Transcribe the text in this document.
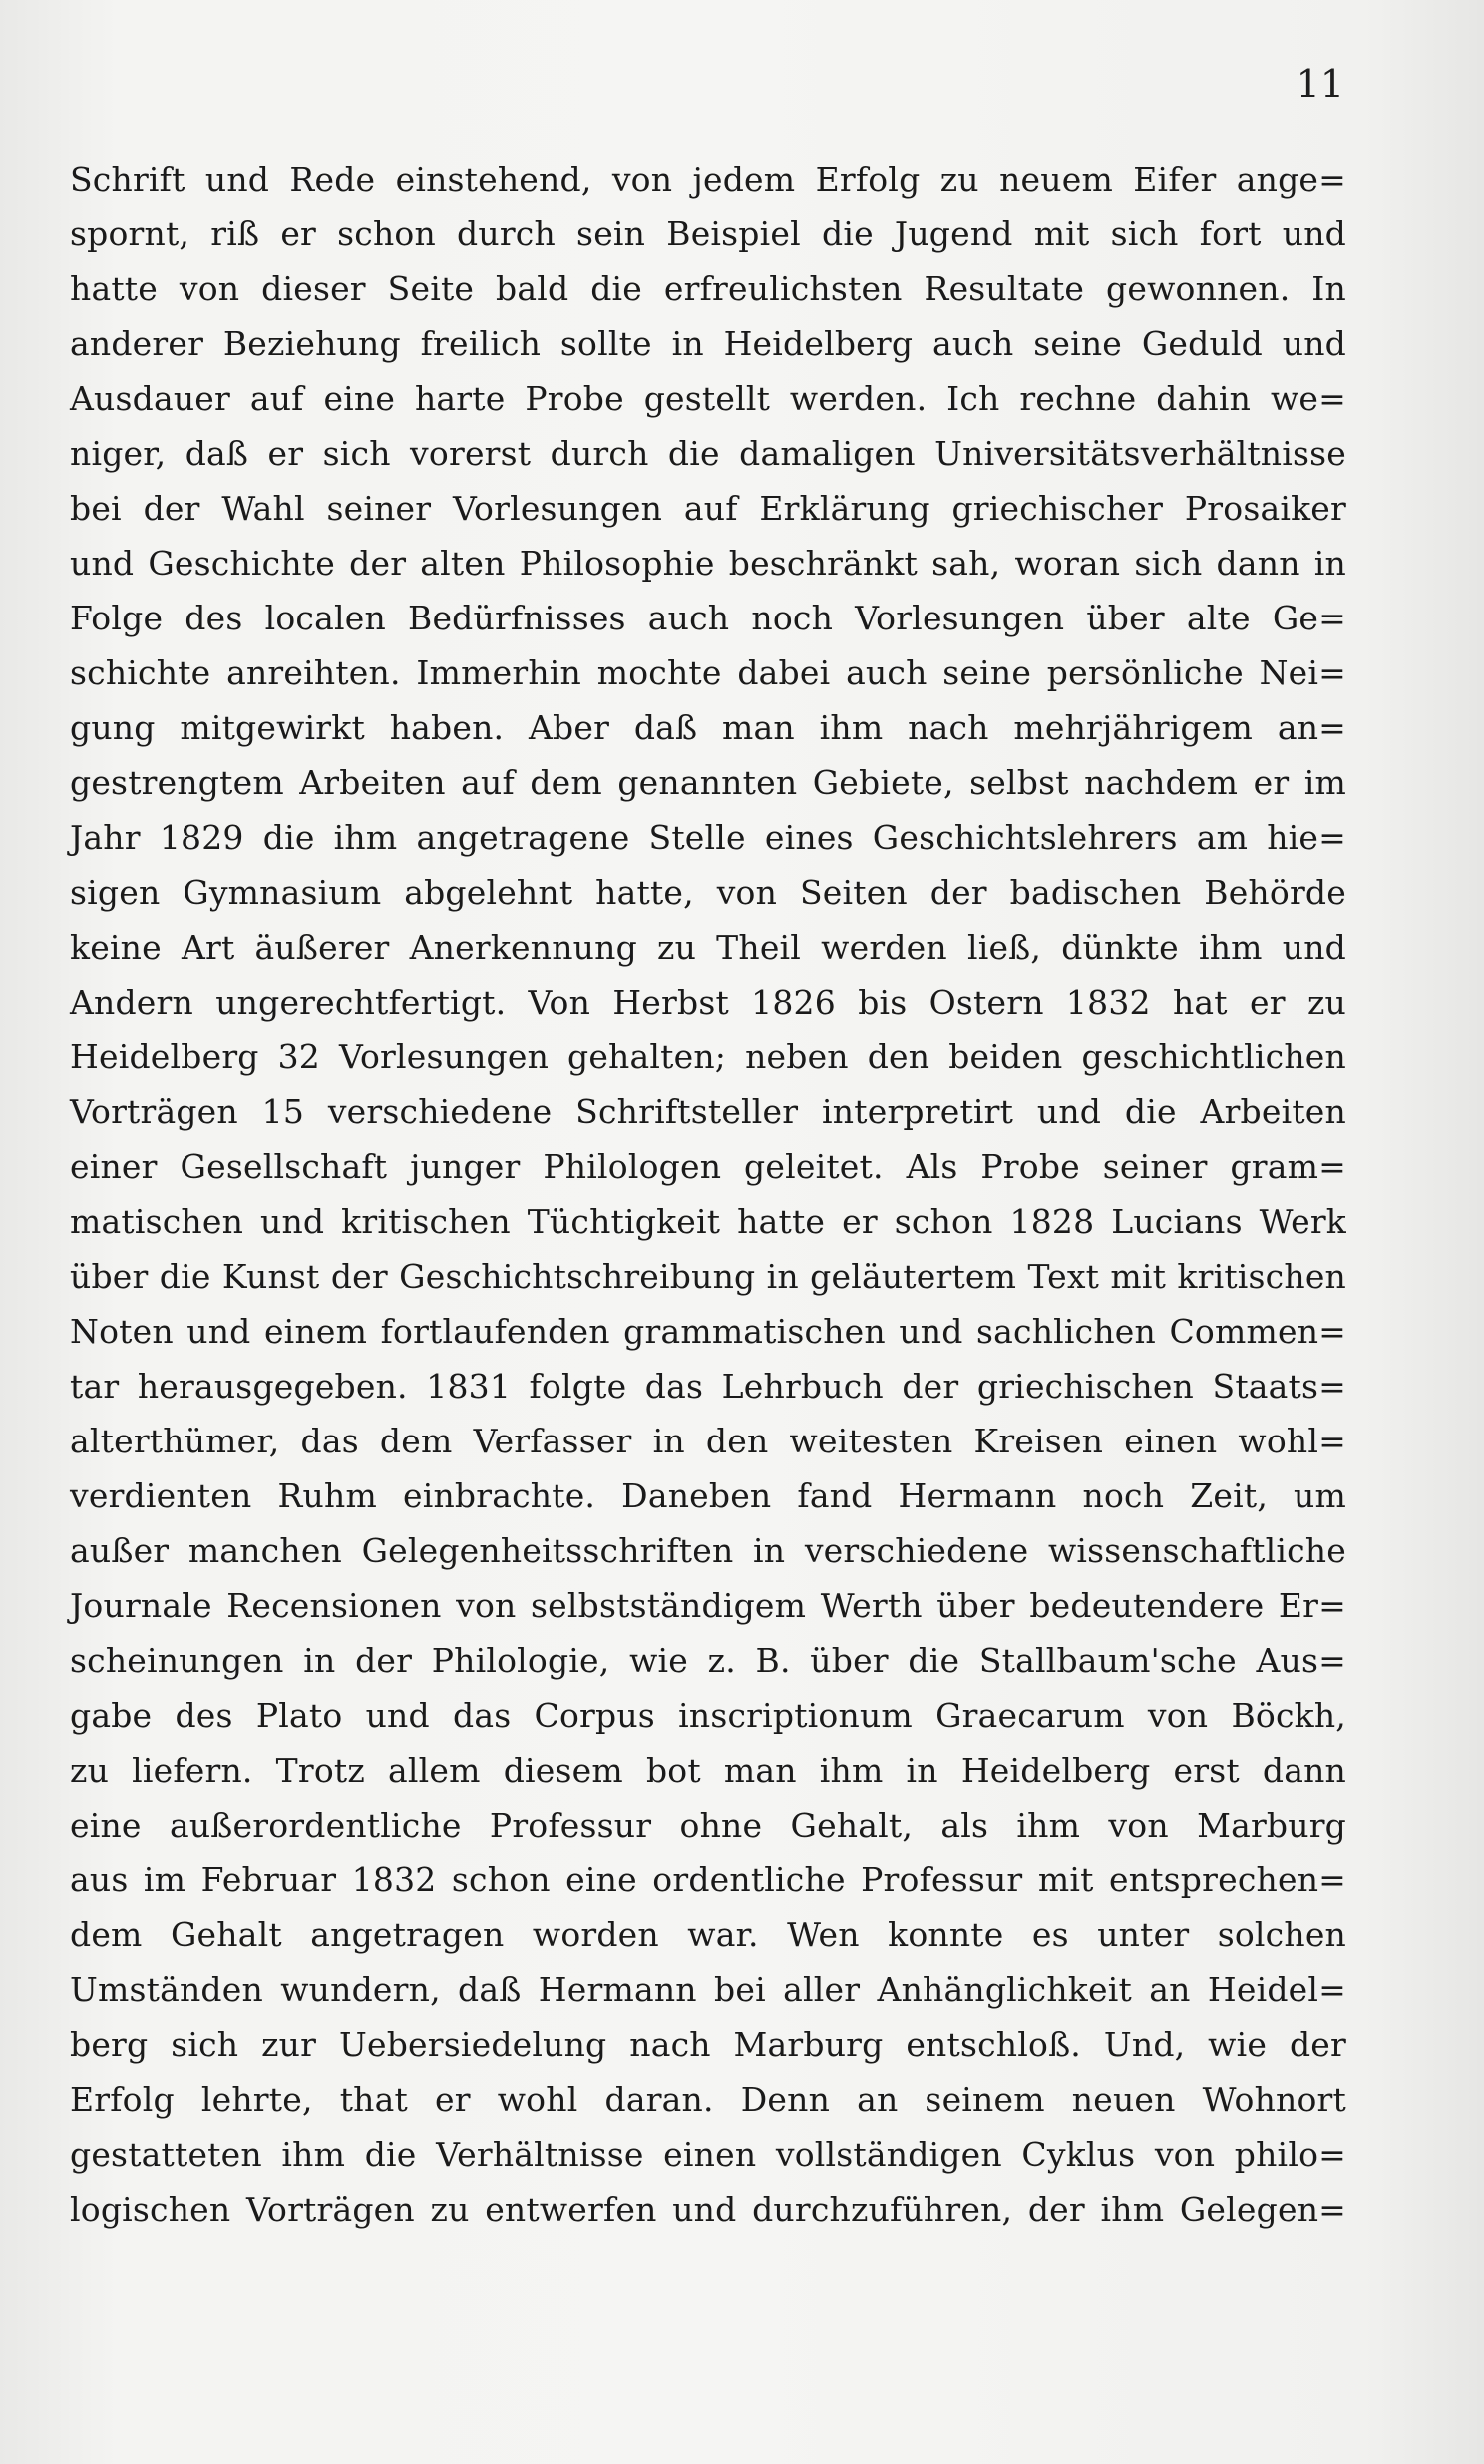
11

Schrift und Rede einstehend, von jedem Erfolg zu neuem Eifer ange=
spornt, riß er schon durch sein Beispiel die Jugend mit sich fort und
hatte von dieser Seite bald die erfreulichsten Resultate gewonnen. In
anderer Beziehung freilich sollte in Heidelberg auch seine Geduld und
Ausdauer auf eine harte Probe gestellt werden. Ich rechne dahin we=
niger, daß er sich vorerst durch die damaligen Universitätsverhältnisse
bei der Wahl seiner Vorlesungen auf Erklärung griechischer Prosaiker
und Geschichte der alten Philosophie beschränkt sah, woran sich dann in
Folge des localen Bedürfnisses auch noch Vorlesungen über alte Ge=
schichte anreihten. Immerhin mochte dabei auch seine persönliche Nei=
gung mitgewirkt haben. Aber daß man ihm nach mehrjährigem an=
gestrengtem Arbeiten auf dem genannten Gebiete, selbst nachdem er im
Jahr 1829 die ihm angetragene Stelle eines Geschichtslehrers am hie=
sigen Gymnasium abgelehnt hatte, von Seiten der badischen Behörde
keine Art äußerer Anerkennung zu Theil werden ließ, dünkte ihm und
Andern ungerechtfertigt. Von Herbst 1826 bis Ostern 1832 hat er zu
Heidelberg 32 Vorlesungen gehalten; neben den beiden geschichtlichen
Vorträgen 15 verschiedene Schriftsteller interpretirt und die Arbeiten
einer Gesellschaft junger Philologen geleitet. Als Probe seiner gram=
matischen und kritischen Tüchtigkeit hatte er schon 1828 Lucians Werk
über die Kunst der Geschichtschreibung in geläutertem Text mit kritischen
Noten und einem fortlaufenden grammatischen und sachlichen Commen=
tar herausgegeben. 1831 folgte das Lehrbuch der griechischen Staats=
alterthümer, das dem Verfasser in den weitesten Kreisen einen wohl=
verdienten Ruhm einbrachte. Daneben fand Hermann noch Zeit, um
außer manchen Gelegenheitsschriften in verschiedene wissenschaftliche
Journale Recensionen von selbstständigem Werth über bedeutendere Er=
scheinungen in der Philologie, wie z. B. über die Stallbaum'sche Aus=
gabe des Plato und das Corpus inscriptionum Graecarum von Böckh,
zu liefern. Trotz allem diesem bot man ihm in Heidelberg erst dann
eine außerordentliche Professur ohne Gehalt, als ihm von Marburg
aus im Februar 1832 schon eine ordentliche Professur mit entsprechen=
dem Gehalt angetragen worden war. Wen konnte es unter solchen
Umständen wundern, daß Hermann bei aller Anhänglichkeit an Heidel=
berg sich zur Uebersiedelung nach Marburg entschloß. Und, wie der
Erfolg lehrte, that er wohl daran. Denn an seinem neuen Wohnort
gestatteten ihm die Verhältnisse einen vollständigen Cyklus von philo=
logischen Vorträgen zu entwerfen und durchzuführen, der ihm Gelegen=
